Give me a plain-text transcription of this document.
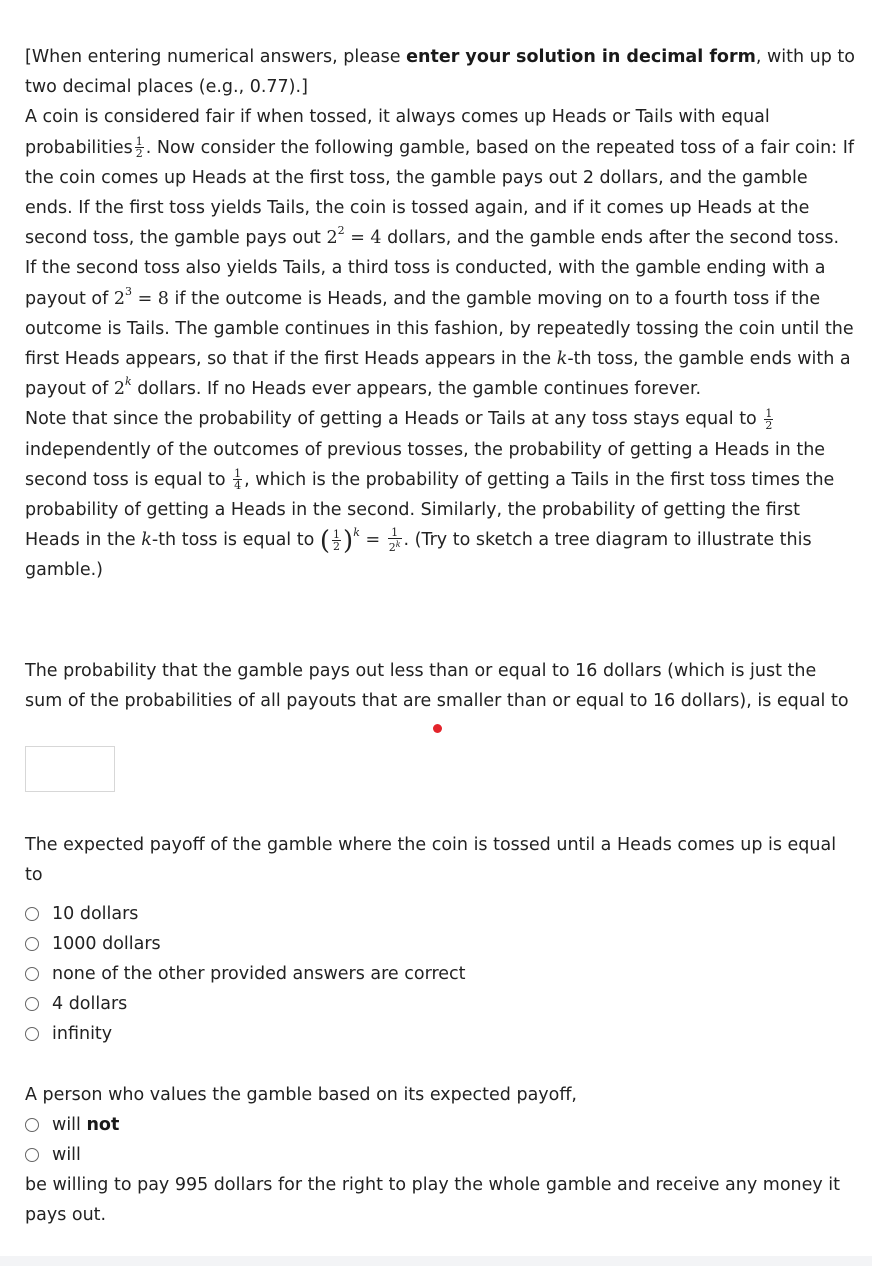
[When entering numerical answers, please enter your solution in decimal form, with up to two decimal places (e.g., 0.77).]
A coin is considered fair if when tossed, it always comes up Heads or Tails with equal probabilities $\frac{1}{2}$ . Now consider the following gamble, based on the repeated toss of a fair coin: If the coin comes up Heads at the first toss, the gamble pays out 2 dollars, and the gamble ends. If the first toss yields Tails, the coin is tossed again, and if it comes up Heads at the second toss, the gamble pays out $2^2 = 4$ dollars, and the gamble ends after the second toss. If the second toss also yields Tails, a third toss is conducted, with the gamble ending with a payout of $2^3 = 8$ if the outcome is Heads, and the gamble moving on to a fourth toss if the outcome is Tails. The gamble continues in this fashion, by repeatedly tossing the coin until the first Heads appears, so that if the first Heads appears in the k-th toss, the gamble ends with a payout of 2$^k$ dollars. If no Heads ever appears, the gamble continues forever.
Note that since the probability of getting a Heads or Tails at any toss stays equal to $\frac{1}{2}$
independently of the outcomes of previous tosses, the probability of getting a Heads in the second toss is equal to $\frac{1}{4}$ , which is the probability of getting a Tails in the first toss times the probability of getting a Heads in the second. Similarly, the probability of getting the first Heads in the k-th toss is equal to ( $\frac{1}{2} )^k = \frac{1}{2^k}$ . (Try to sketch a tree diagram to illustrate this gamble.)

The probability that the gamble pays out less than or equal to 16 dollars (which is just the sum of the probabilities of all payouts that are smaller than or equal to 16 dollars), is equal to

The expected payoff of the gamble where the coin is tossed until a Heads comes up is equal to

10 dollars
1000 dollars
none of the other provided answers are correct
4 dollars
infinity

A person who values the gamble based on its expected payoff,

will not
will

be willing to pay 995 dollars for the right to play the whole gamble and receive any money it pays out.
